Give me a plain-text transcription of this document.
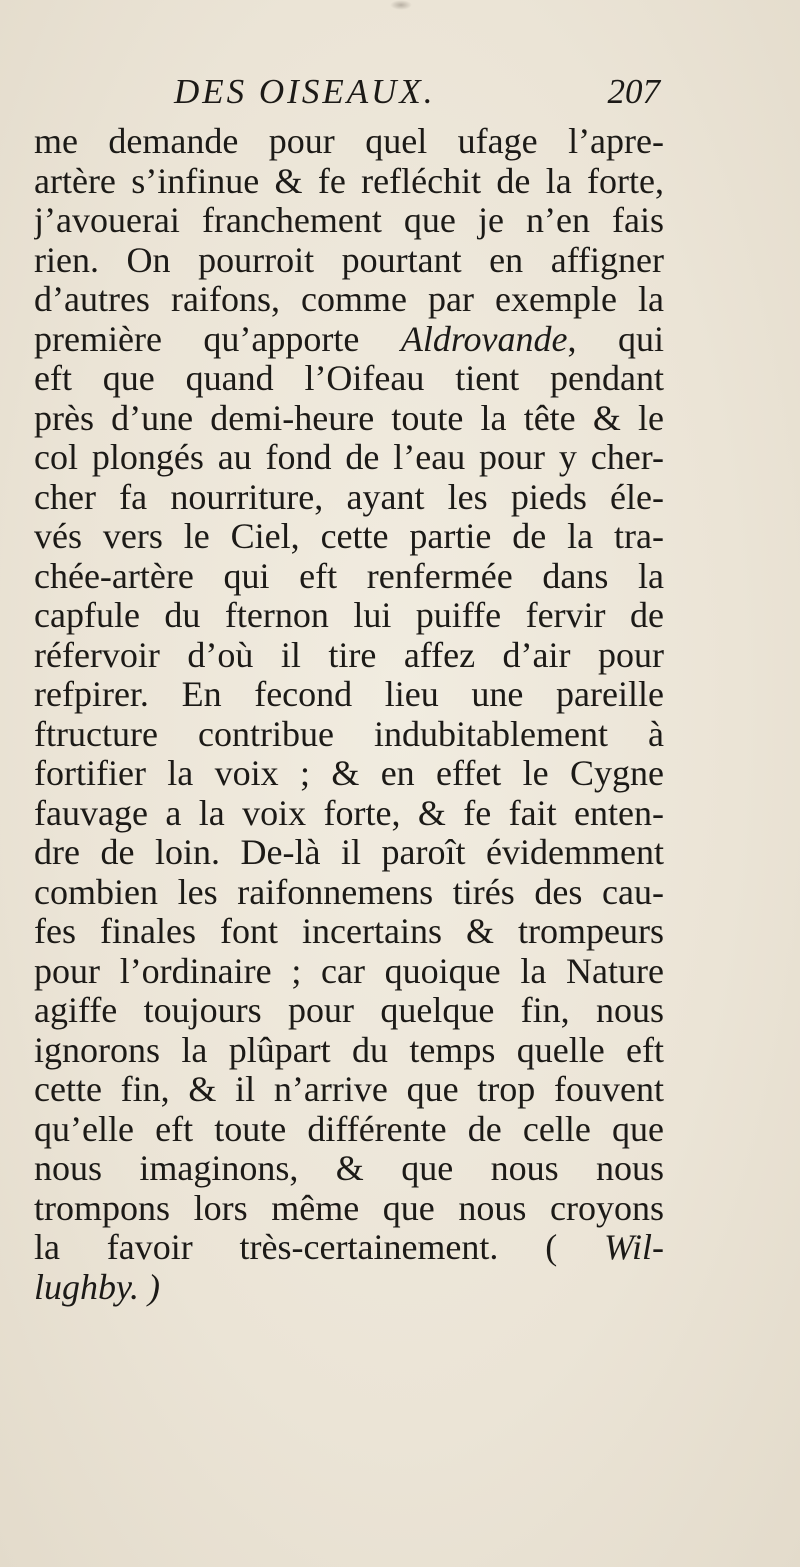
DES OISEAUX.	207
me demande pour quel ufage l’apre-
artère s’infinue & fe refléchit de la forte,
j’avouerai franchement que je n’en fais
rien. On pourroit pourtant en affigner
d’autres raifons, comme par exemple la
première qu’apporte Aldrovande, qui
eft que quand l’Oifeau tient pendant
près d’une demi-heure toute la tête & le
col plongés au fond de l’eau pour y cher-
cher fa nourriture, ayant les pieds éle-
vés vers le Ciel, cette partie de la tra-
chée-artère qui eft renfermée dans la
capfule du fternon lui puiffe fervir de
réfervoir d’où il tire affez d’air pour
refpirer. En fecond lieu une pareille
ftructure contribue indubitablement à
fortifier la voix ; & en effet le Cygne
fauvage a la voix forte, & fe fait enten-
dre de loin. De-là il paroît évidemment
combien les raifonnemens tirés des cau-
fes finales font incertains & trompeurs
pour l’ordinaire ; car quoique la Nature
agiffe toujours pour quelque fin, nous
ignorons la plûpart du temps quelle eft
cette fin, & il n’arrive que trop fouvent
qu’elle eft toute différente de celle que
nous imaginons, & que nous nous
trompons lors même que nous croyons
la favoir très-certainement. ( Wil-
lughby. )
